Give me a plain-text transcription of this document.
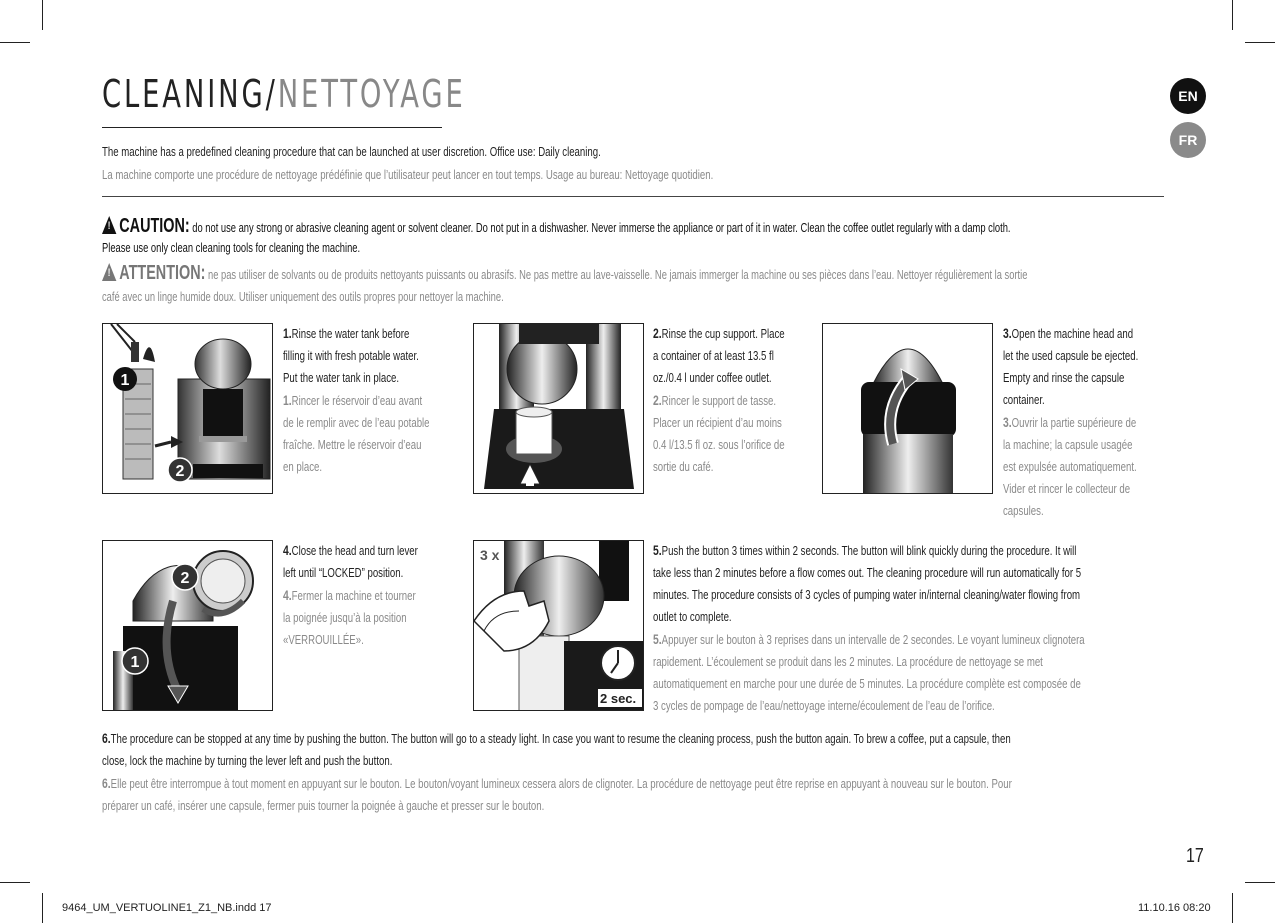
CLEANING/NETTOYAGE	EN
FR
The machine has a predefined cleaning procedure that can be launched at user discretion. Office use: Daily cleaning.
La machine comporte une procédure de nettoyage prédéfinie que l’utilisateur peut lancer en tout temps. Usage au bureau: Nettoyage quotidien.
!CAUTION: do not use any strong or abrasive cleaning agent or solvent cleaner. Do not put in a dishwasher. Never immerse the appliance or part of it in water. Clean the coffee outlet regularly with a damp cloth.
Please use only clean cleaning tools for cleaning the machine.
!ATTENTION: ne pas utiliser de solvants ou de produits nettoyants puissants ou abrasifs. Ne pas mettre au lave-vaisselle. Ne jamais immerger la machine ou ses pièces dans l’eau. Nettoyer régulièrement la sortie
café avec un linge humide doux. Utiliser uniquement des outils propres pour nettoyer la machine.
1
2

1.Rinse the water tank before

filling it with fresh potable water.

Put the water tank in place.

1.Rincer le réservoir d’eau avant

de le remplir avec de l’eau potable

fraîche. Mettre le réservoir d’eau

en place.

2.Rinse the cup support. Place

a container of at least 13.5 fl

oz./0.4 l under coffee outlet.

2.Rincer le support de tasse.

Placer un récipient d’au moins

0.4 l/13.5 fl oz. sous l’orifice de

sortie du café.

3.Open the machine head and

let the used capsule be ejected.

Empty and rinse the capsule

container.

3.Ouvrir la partie supérieure de

la machine; la capsule usagée

est expulsée automatiquement.

Vider et rincer le collecteur de

capsules.

2
1

4.Close the head and turn lever

left until “LOCKED” position.

4.Fermer la machine et tourner

la poignée jusqu’à la position

«VERROUILLÉE».

3 x
2 sec.

5.Push the button 3 times within 2 seconds. The button will blink quickly during the procedure. It will

take less than 2 minutes before a flow comes out. The cleaning procedure will run automatically for 5

minutes. The procedure consists of 3 cycles of pumping water in/internal cleaning/water flowing from

outlet to complete.

5.Appuyer sur le bouton à 3 reprises dans un intervalle de 2 secondes. Le voyant lumineux clignotera

rapidement. L’écoulement se produit dans les 2 minutes. La procédure de nettoyage se met

automatiquement en marche pour une durée de 5 minutes. La procédure complète est composée de

3 cycles de pompage de l’eau/nettoyage interne/écoulement de l’eau de l’orifice.

6.The procedure can be stopped at any time by pushing the button. The button will go to a steady light. In case you want to resume the cleaning process, push the button again. To brew a coffee, put a capsule, then

close, lock the machine by turning the lever left and push the button.

6.Elle peut être interrompue à tout moment en appuyant sur le bouton. Le bouton/voyant lumineux cessera alors de clignoter. La procédure de nettoyage peut être reprise en appuyant à nouveau sur le bouton. Pour

préparer un café, insérer une capsule, fermer puis tourner la poignée à gauche et presser sur le bouton.

17
9464_UM_VERTUOLINE1_Z1_NB.indd 17	11.10.16 08:20
